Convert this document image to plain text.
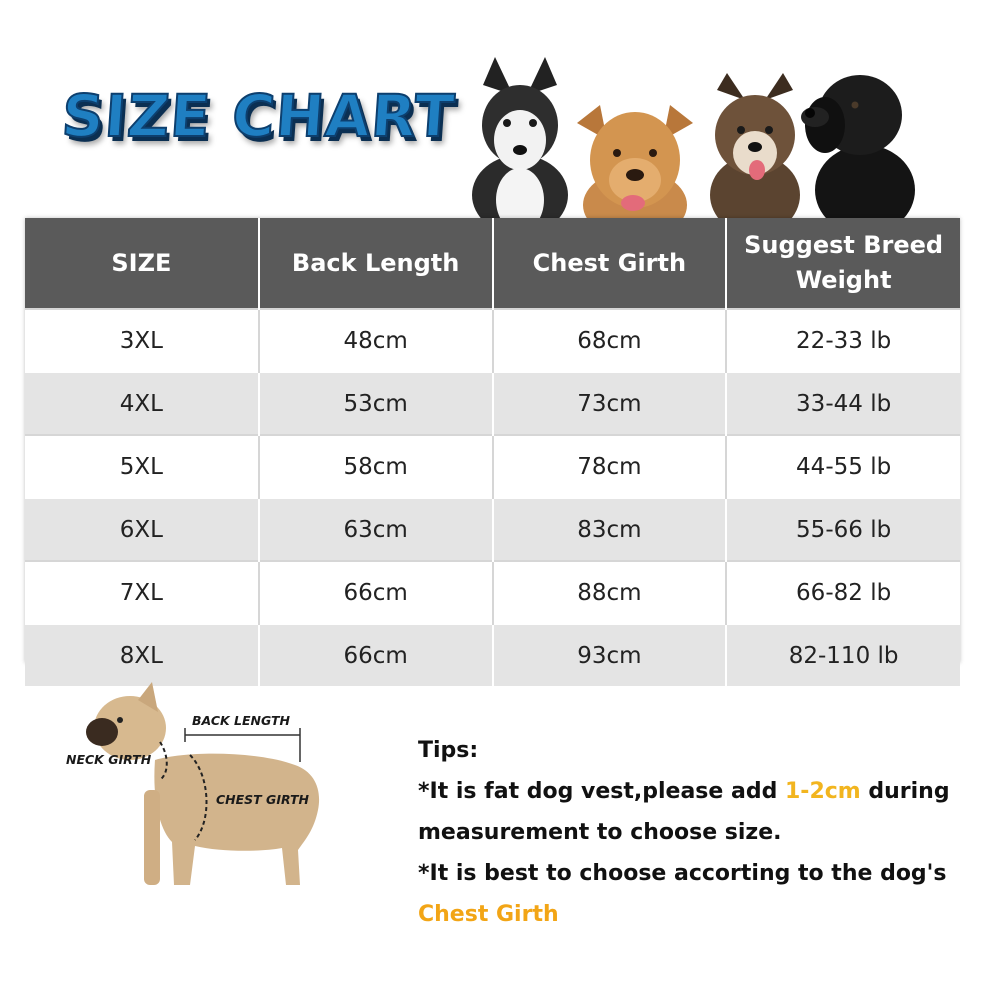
SIZE CHART
SIZE	Back Length	Chest Girth	Suggest Breed Weight
3XL	48cm	68cm	22-33 lb
4XL	53cm	73cm	33-44 lb
5XL	58cm	78cm	44-55 lb
6XL	63cm	83cm	55-66 lb
7XL	66cm	88cm	66-82 lb
8XL	66cm	93cm	82-110 lb
BACK LENGTH
NECK GIRTH
CHEST GIRTH
Tips:
*It is fat dog vest,please add 1-2cm during
measurement to choose size.
*It is best to choose accorting to the dog's
Chest Girth
